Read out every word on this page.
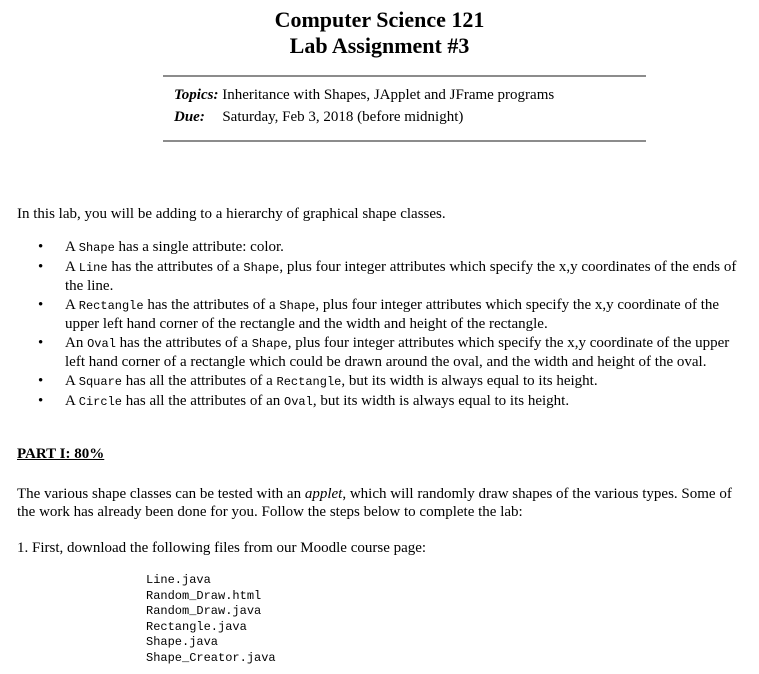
Computer Science 121
Lab Assignment #3
Topics: Inheritance with Shapes, JApplet and JFrame programs
Due: Saturday, Feb 3, 2018 (before midnight)
In this lab, you will be adding to a hierarchy of graphical shape classes.
• A Shape has a single attribute: color.
• A Line has the attributes of a Shape, plus four integer attributes which specify the x,y coordinates of the ends of the line.
• A Rectangle has the attributes of a Shape, plus four integer attributes which specify the x,y coordinate of the upper left hand corner of the rectangle and the width and height of the rectangle.
• An Oval has the attributes of a Shape, plus four integer attributes which specify the x,y coordinate of the upper left hand corner of a rectangle which could be drawn around the oval, and the width and height of the oval.
• A Square has all the attributes of a Rectangle, but its width is always equal to its height.
• A Circle has all the attributes of an Oval, but its width is always equal to its height.
PART I: 80%
The various shape classes can be tested with an applet, which will randomly draw shapes of the various types. Some of the work has already been done for you. Follow the steps below to complete the lab:
1. First, download the following files from our Moodle course page:
Line.java
Random_Draw.html
Random_Draw.java
Rectangle.java
Shape.java
Shape_Creator.java
